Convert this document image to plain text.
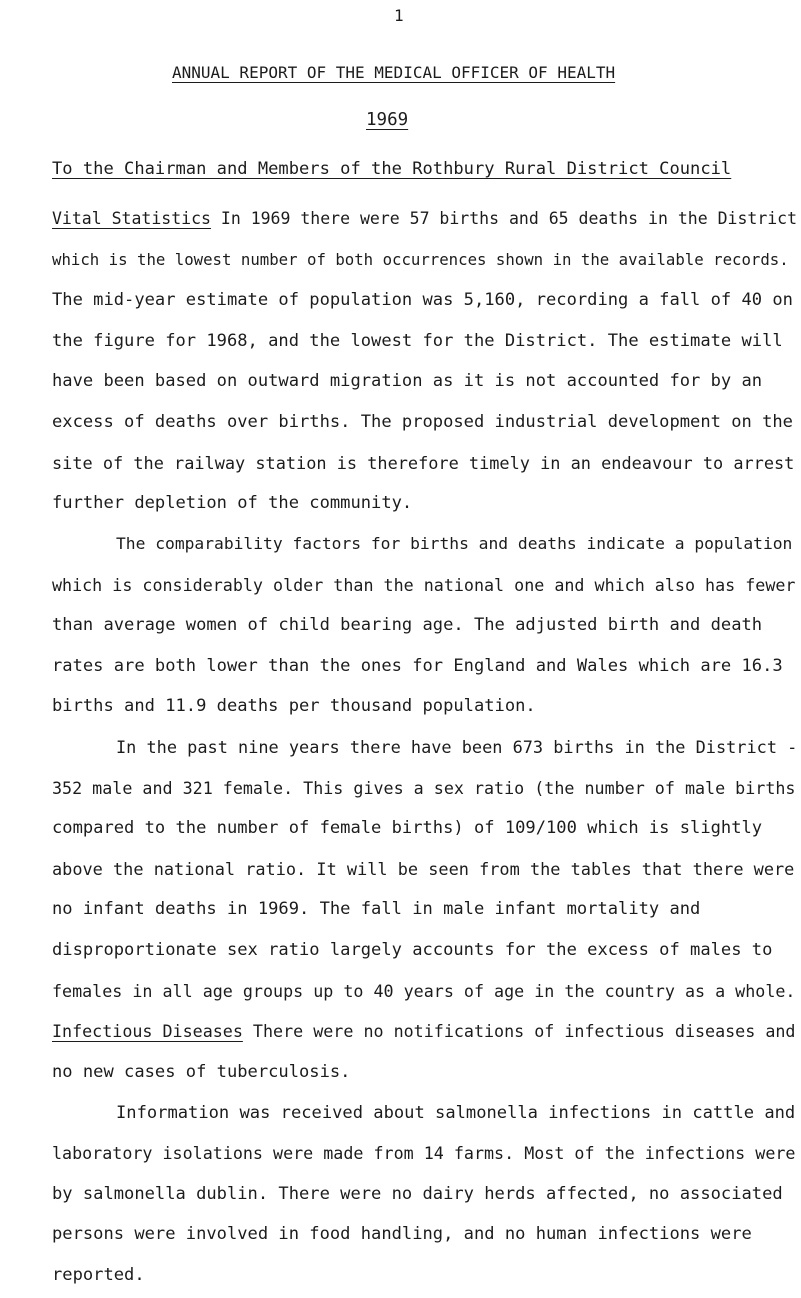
1
ANNUAL REPORT OF THE MEDICAL OFFICER OF HEALTH
1969
To the Chairman and Members of the Rothbury Rural District Council
Vital Statistics In 1969 there were 57 births and 65 deaths in the District
which is the lowest number of both occurrences shown in the available records.
The mid-year estimate of population was 5,160, recording a fall of 40 on
the figure for 1968, and the lowest for the District. The estimate will
have been based on outward migration as it is not accounted for by an
excess of deaths over births. The proposed industrial development on the
site of the railway station is therefore timely in an endeavour to arrest
further depletion of the community.
The comparability factors for births and deaths indicate a population
which is considerably older than the national one and which also has fewer
than average women of child bearing age. The adjusted birth and death
rates are both lower than the ones for England and Wales which are 16.3
births and 11.9 deaths per thousand population.
In the past nine years there have been 673 births in the District -
352 male and 321 female. This gives a sex ratio (the number of male births
compared to the number of female births) of 109/100 which is slightly
above the national ratio. It will be seen from the tables that there were
no infant deaths in 1969. The fall in male infant mortality and
disproportionate sex ratio largely accounts for the excess of males to
females in all age groups up to 40 years of age in the country as a whole.
Infectious Diseases There were no notifications of infectious diseases and
no new cases of tuberculosis.
Information was received about salmonella infections in cattle and
laboratory isolations were made from 14 farms. Most of the infections were
by salmonella dublin. There were no dairy herds affected, no associated
persons were involved in food handling, and no human infections were
reported.
